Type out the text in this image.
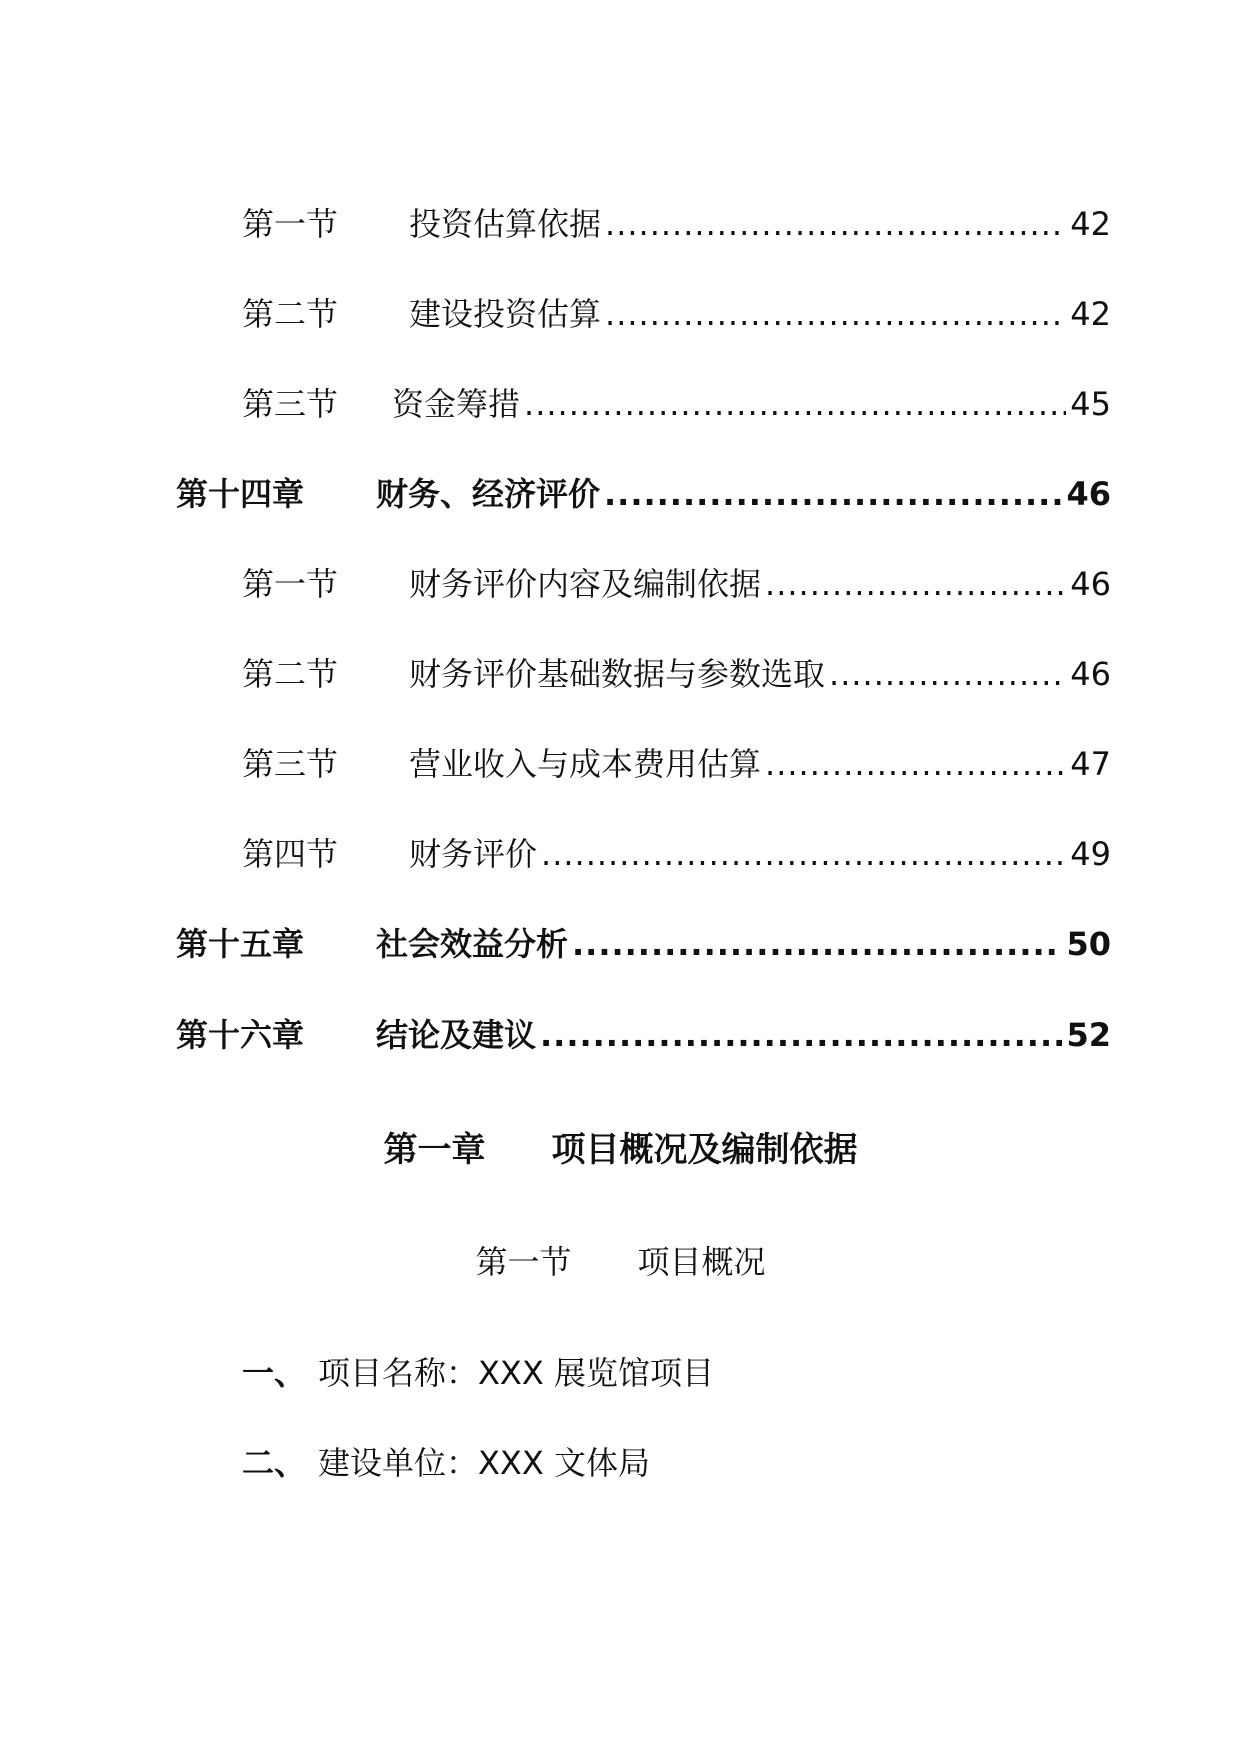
第一节	投资估算依据 .....	42
第二节	建设投资估算 .....	42
第三节	资金筹措 .....	45
第十四章	财务、经济评价 .....	46
第一节	财务评价内容及编制依据 .....	46
第二节	财务评价基础数据与参数选取 .....	46
第三节	营业收入与成本费用估算 .....	47
第四节	财务评价 .....	49
第十五章	社会效益分析 .....	50
第十六章	结论及建议 .....	52
第一章 项目概况及编制依据
第一节 项目概况
一、 项目名称：XXX 展览馆项目
二、 建设单位：XXX 文体局
